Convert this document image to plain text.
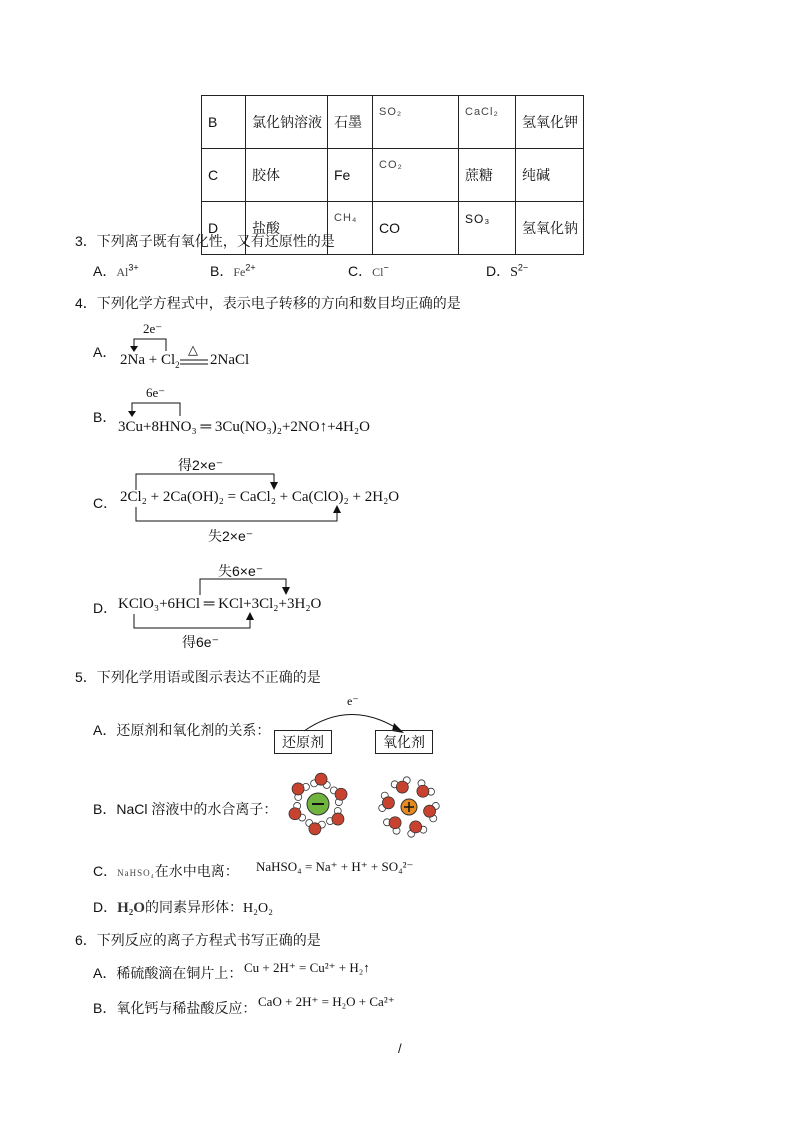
B	氯化钠溶液	石墨	SO₂	CaCl₂	氢氧化钾
C	胶体	Fe	CO₂	蔗糖	纯碱
D	盐酸	CH₄	CO	SO₃	氢氧化钠
3．下列离子既有氧化性，又有还原性的是
A．$Al^{3+}$	B．$Fe^{2+}$	C．Cl−	D．$S^{2-}$
4．下列化学方程式中，表示电子转移的方向和数目均正确的是
A．
2e⁻
$2Na + Cl_2$
△
2NaCl
B．
6e⁻
3Cu+8HNO₃ ═ 3Cu(NO₃)₂+2NO↑+4H₂O
C．
得2×e⁻
2Cl₂ + 2Ca(OH)₂ = CaCl₂ + Ca(ClO)₂ + 2H₂O
失2×e⁻
D．
失6×e⁻
KClO₃+6HCl ═ KCl+3Cl₂+3H₂O
得6e⁻
5．下列化学用语或图示表达不正确的是
A．还原剂和氧化剂的关系：
e⁻
还原剂	氧化剂
B．NaCl 溶液中的水合离子：
C．NaHSO₄在水中电离： NaHSO₄ = Na⁺ + H⁺ + SO₄²⁻
D．H₂O的同素异形体：H₂O₂
6．下列反应的离子方程式书写正确的是
A．稀硫酸滴在铜片上： Cu + 2H⁺ = Cu²⁺ + H₂↑
B．氧化钙与稀盐酸反应： CaO + 2H⁺ = H₂O + Ca²⁺
/
